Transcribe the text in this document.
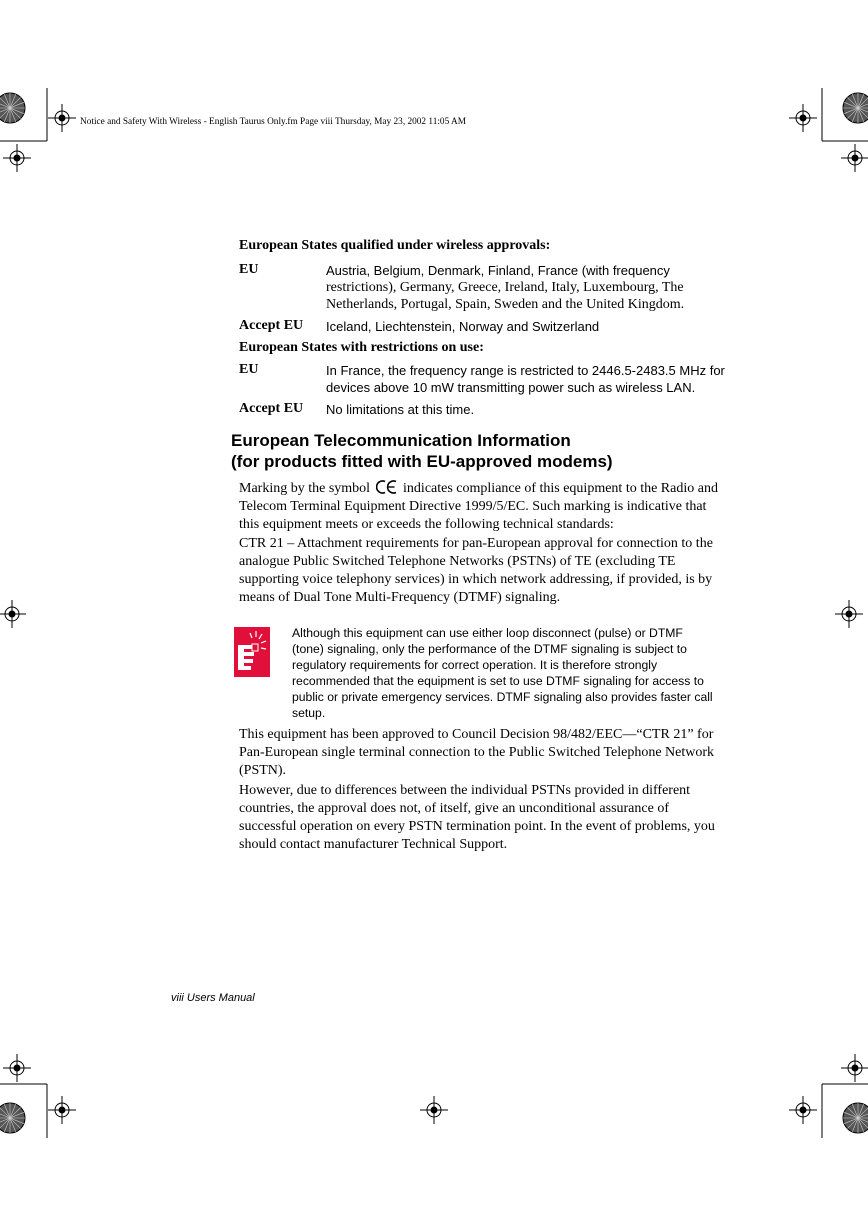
Notice and Safety With Wireless - English Taurus Only.fm Page viii Thursday, May 23, 2002 11:05 AM
European States qualified under wireless approvals:
EU	Austria, Belgium, Denmark, Finland, France (with frequency
restrictions), Germany, Greece, Ireland, Italy, Luxembourg, The
Netherlands, Portugal, Spain, Sweden and the United Kingdom.
Accept EU Iceland, Liechtenstein, Norway and Switzerland
European States with restrictions on use:
EU	In France, the frequency range is restricted to 2446.5-2483.5 MHz for
devices above 10 mW transmitting power such as wireless LAN.
Accept EU No limitations at this time.
European Telecommunication Information
(for products fitted with EU-approved modems)
Marking by the symbol indicates compliance of this equipment to the Radio and
Telecom Terminal Equipment Directive 1999/5/EC. Such marking is indicative that
this equipment meets or exceeds the following technical standards:
CTR 21 – Attachment requirements for pan-European approval for connection to the
analogue Public Switched Telephone Networks (PSTNs) of TE (excluding TE
supporting voice telephony services) in which network addressing, if provided, is by
means of Dual Tone Multi-Frequency (DTMF) signaling.
Although this equipment can use either loop disconnect (pulse) or DTMF
(tone) signaling, only the performance of the DTMF signaling is subject to
regulatory requirements for correct operation. It is therefore strongly
recommended that the equipment is set to use DTMF signaling for access to
public or private emergency services. DTMF signaling also provides faster call
setup.
This equipment has been approved to Council Decision 98/482/EEC—“CTR 21” for
Pan-European single terminal connection to the Public Switched Telephone Network
(PSTN).
However, due to differences between the individual PSTNs provided in different
countries, the approval does not, of itself, give an unconditional assurance of
successful operation on every PSTN termination point. In the event of problems, you
should contact manufacturer Technical Support.
viii Users Manual
